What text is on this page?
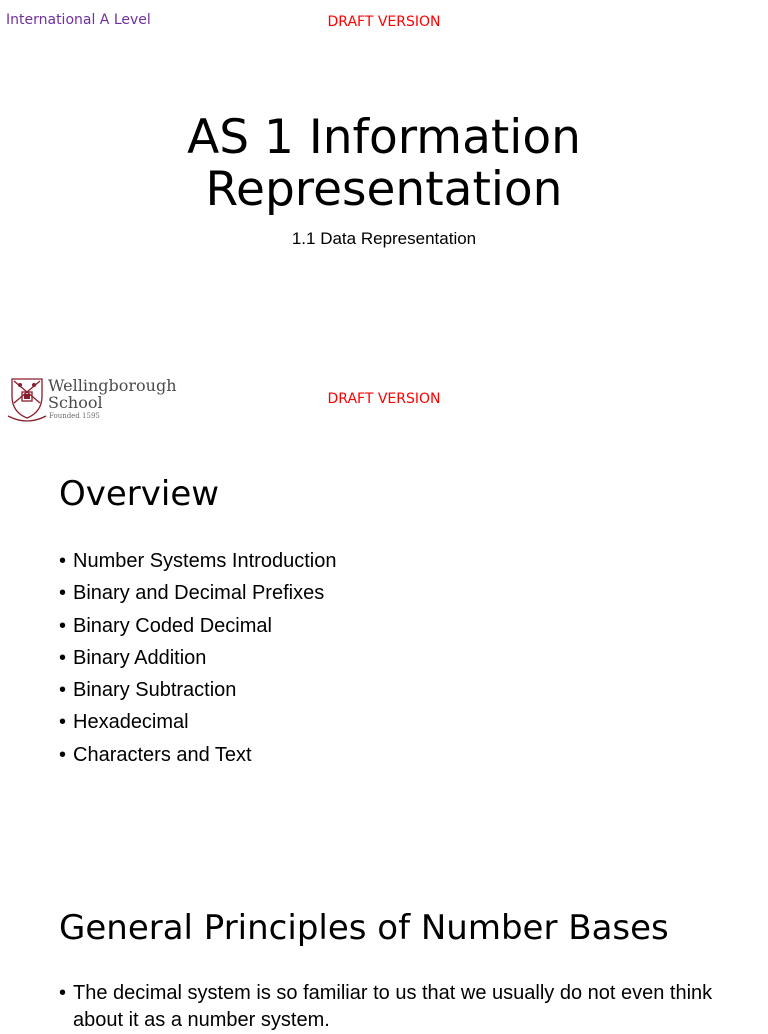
International A Level	DRAFT VERSION
AS 1 Information
Representation
1.1 Data Representation
Wellingborough
School
Founded 1595
DRAFT VERSION
Overview
• Number Systems Introduction
• Binary and Decimal Prefixes
• Binary Coded Decimal
• Binary Addition
• Binary Subtraction
• Hexadecimal
• Characters and Text
General Principles of Number Bases
• The decimal system is so familiar to us that we usually do not even think about it as a number system.
